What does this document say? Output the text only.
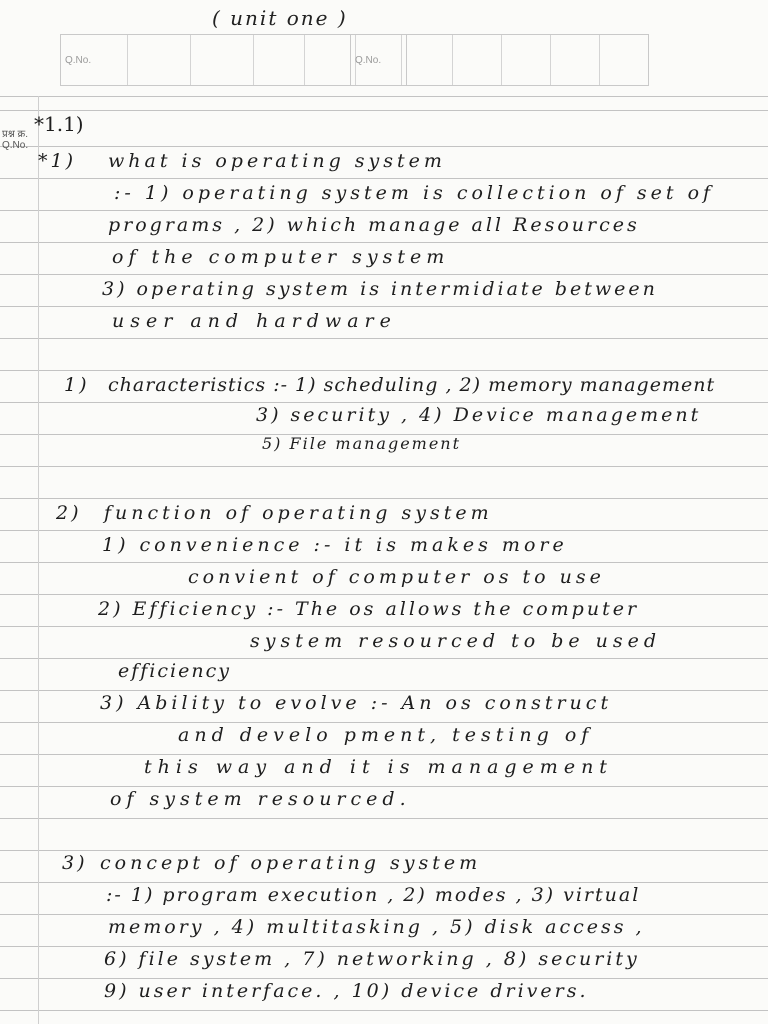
( unit one )
Q.No.	Q.No.
प्रश्न क्र.
Q.No.
*1.1)
*1) what is operating system
:- 1) operating system is collection of set of
programs , 2) which manage all Resources
of the computer system
3) operating system is intermidiate between
user and hardware
1) characteristics :- 1) scheduling , 2) memory management
3) security , 4) Device management
5) File management
2) function of operating system
1) convenience :- it is makes more
convient of computer os to use
2) Efficiency :- The os allows the computer
system resourced to be used
efficiency
3) Ability to evolve :- An os construct
and develo pment, testing of
this way and it is management
of system resourced.
3) concept of operating system
:- 1) program execution , 2) modes , 3) virtual
memory , 4) multitasking , 5) disk access ,
6) file system , 7) networking , 8) security
9) user interface. , 10) device drivers.
